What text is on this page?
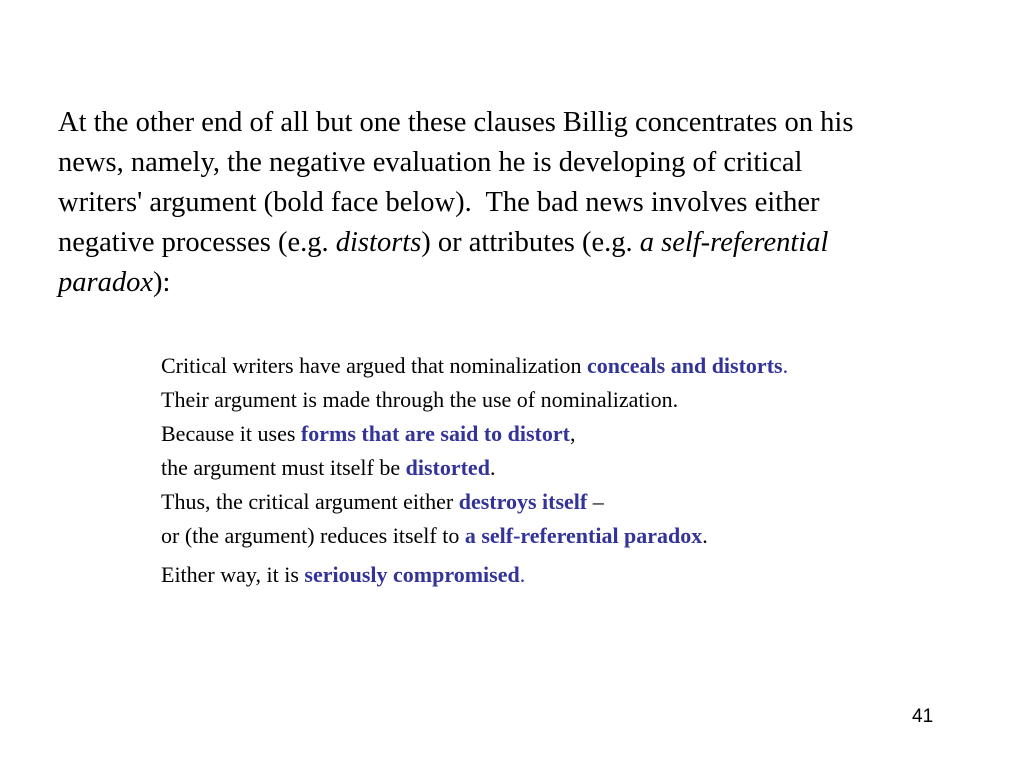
At the other end of all but one these clauses Billig concentrates on his
news, namely, the negative evaluation he is developing of critical
writers' argument (bold face below).  The bad news involves either
negative processes (e.g. distorts) or attributes (e.g. a self-referential
paradox):
Critical writers have argued that nominalization conceals and distorts.
Their argument is made through the use of nominalization.
Because it uses forms that are said to distort,
the argument must itself be distorted.
Thus, the critical argument either destroys itself –
or (the argument) reduces itself to a self-referential paradox.
Either way, it is seriously compromised.
41
